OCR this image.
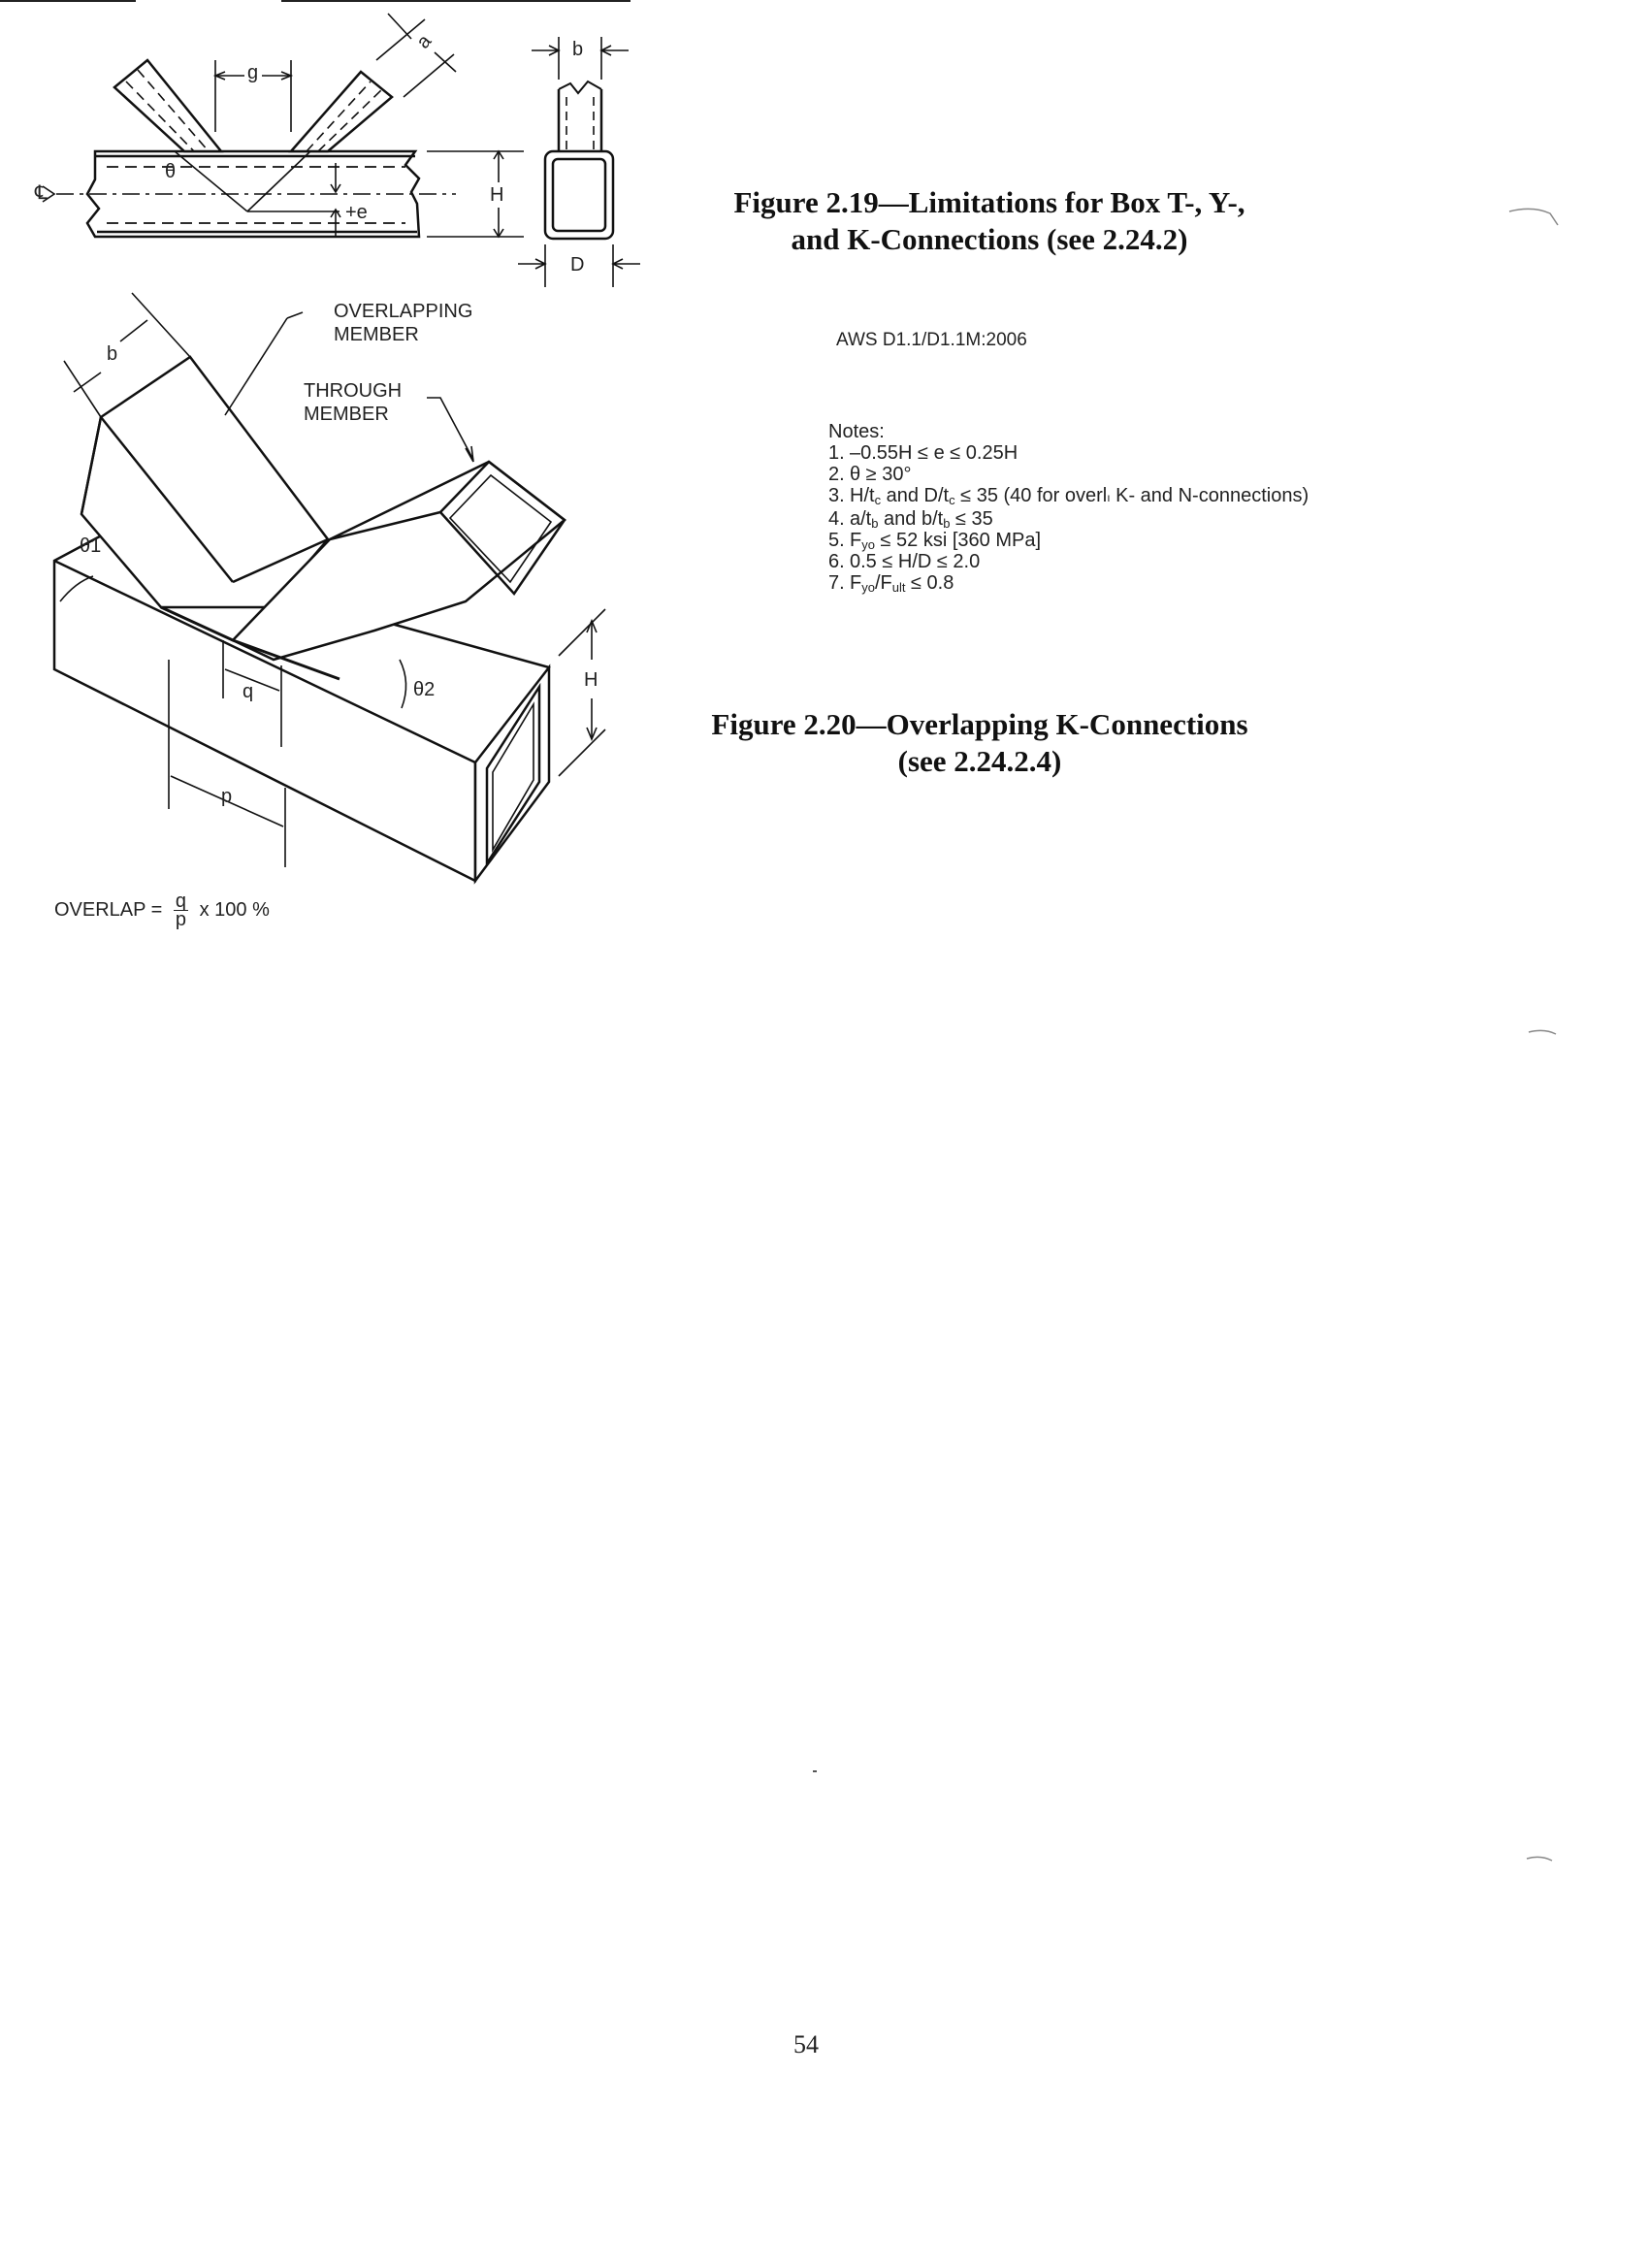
g
a	b
θ
℄	H
+e
D
OVERLAPPING
MEMBER
THROUGH
MEMBER
b
θ1
θ2
q
p
H
OVERLAP = $\frac{q}{p}$ x 100 %
Figure 2.19—Limitations for Box T-, Y-,
and K-Connections (see 2.24.2)
AWS D1.1/D1.1M:2006
Notes:
1. –0.55H ≤ e ≤ 0.25H
2. θ ≥ 30°
3. $H/t_c$ and $D/t_c \le 35$ (40 for overlı K- and N-connections)
4. $a/t_b$ and $b/t_b \le 35$
5. $F_{yo} \le 52$ ksi [360 MPa]
6. 0.5 ≤ H/D ≤ 2.0
7. $F_{yo}/F_{ult} \le 0.8$
Figure 2.20—Overlapping K-Connections
(see 2.24.2.4)
54
